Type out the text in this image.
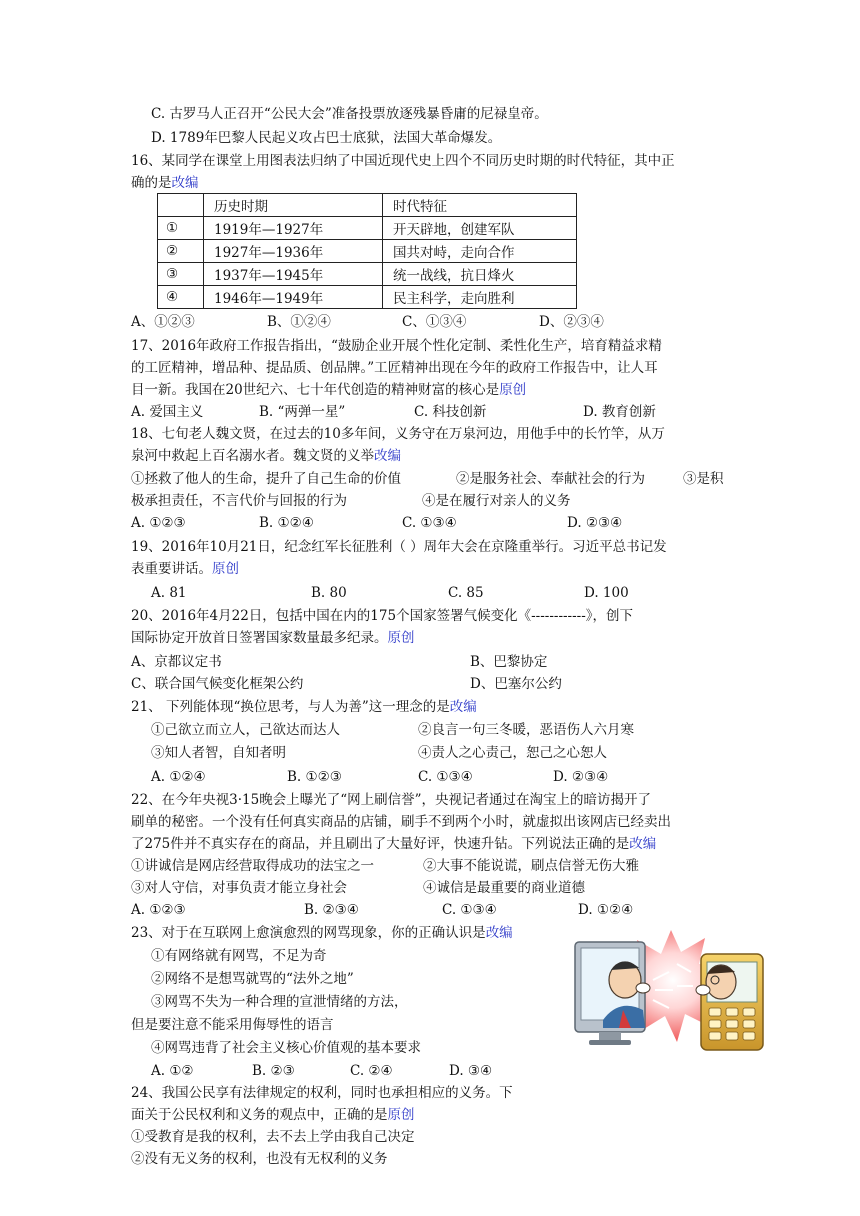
C. 古罗马人正召开“公民大会”准备投票放逐残暴昏庸的尼禄皇帝。
D. 1789年巴黎人民起义攻占巴士底狱，法国大革命爆发。
16、某同学在课堂上用图表法归纳了中国近现代史上四个不同历史时期的时代特征，其中正
确的是改编
	历史时期	时代特征
①	1919年—1927年	开天辟地，创建军队
②	1927年—1936年	国共对峙，走向合作
③	1937年—1945年	统一战线，抗日烽火
④	1946年—1949年	民主科学，走向胜利
A、①②③	B、①②④	C、①③④	D、②③④
17、2016年政府工作报告指出，“鼓励企业开展个性化定制、柔性化生产，培育精益求精
的工匠精神，增品种、提品质、创品牌。”工匠精神出现在今年的政府工作报告中，让人耳
目一新。我国在20世纪六、七十年代创造的精神财富的核心是原创
A. 爱国主义	B. “两弹一星”	C. 科技创新	D. 教育创新
18、七旬老人魏文贤，在过去的10多年间，义务守在万泉河边，用他手中的长竹竿，从万
泉河中救起上百名溺水者。魏文贤的义举改编
①拯救了他人的生命，提升了自己生命的价值	②是服务社会、奉献社会的行为	③是积
极承担责任，不言代价与回报的行为	④是在履行对亲人的义务
A. ①②③	B. ①②④	C. ①③④	D. ②③④
19、2016年10月21日，纪念红军长征胜利（ ）周年大会在京隆重举行。习近平总书记发
表重要讲话。原创
A. 81	B. 80	C. 85	D. 100
20、2016年4月22日，包括中国在内的175个国家签署气候变化《------------》，创下
国际协定开放首日签署国家数量最多纪录。原创
A、京都议定书	B、巴黎协定
C、联合国气候变化框架公约	D、巴塞尔公约
21、 下列能体现“换位思考，与人为善”这一理念的是改编
①己欲立而立人，己欲达而达人	②良言一句三冬暖，恶语伤人六月寒
③知人者智，自知者明	④责人之心责己，恕己之心恕人
A. ①②④	B. ①②③	C. ①③④	D. ②③④
22、在今年央视3·15晚会上曝光了“网上刷信誉”，央视记者通过在淘宝上的暗访揭开了
刷单的秘密。一个没有任何真实商品的店铺，刷手不到两个小时，就虚拟出该网店已经卖出
了275件并不真实存在的商品，并且刷出了大量好评，快速升钻。下列说法正确的是改编
①讲诚信是网店经营取得成功的法宝之一	②大事不能说谎，刷点信誉无伤大雅
③对人守信，对事负责才能立身社会	④诚信是最重要的商业道德
A. ①②③	B. ②③④	C. ①③④	D. ①②④
23、对于在互联网上愈演愈烈的网骂现象，你的正确认识是改编
①有网络就有网骂，不足为奇
②网络不是想骂就骂的“法外之地”
③网骂不失为一种合理的宣泄情绪的方法，
但是要注意不能采用侮辱性的语言
④网骂违背了社会主义核心价值观的基本要求
A. ①②	B. ②③	C. ②④	D. ③④
24、我国公民享有法律规定的权利，同时也承担相应的义务。下
面关于公民权利和义务的观点中，正确的是原创
①受教育是我的权利，去不去上学由我自己决定
②没有无义务的权利，也没有无权利的义务
